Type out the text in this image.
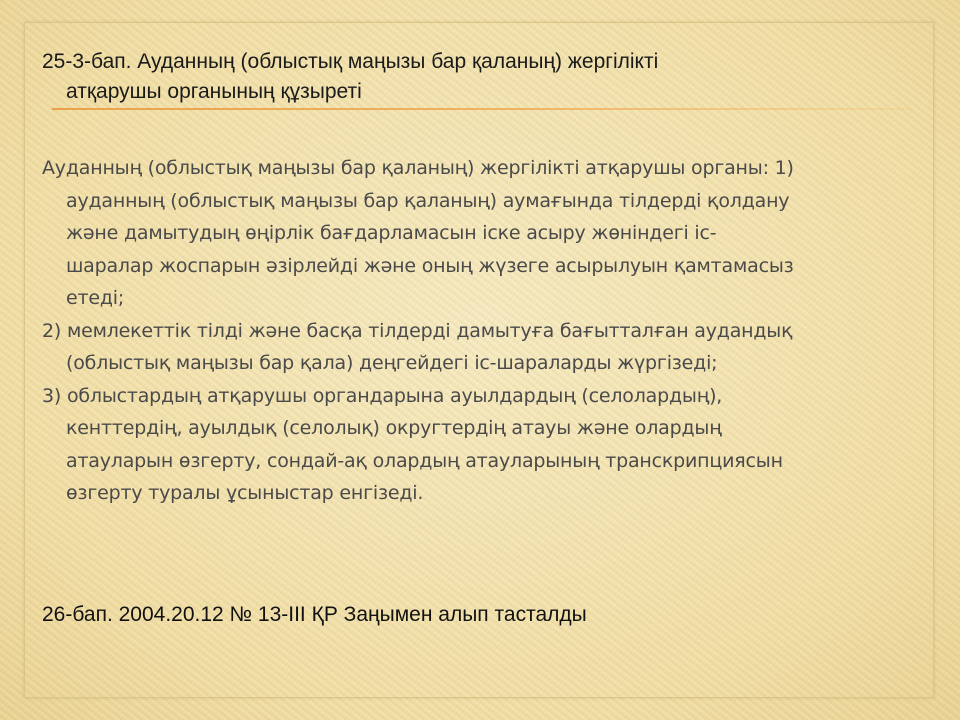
25-3-бап. Ауданның (облыстық маңызы бар қаланың) жергілікті
атқарушы органының құзыреті

Ауданның (облыстық маңызы бар қаланың) жергілікті атқарушы органы: 1)
ауданның (облыстық маңызы бар қаланың) аумағында тілдерді қолдану
және дамытудың өңірлік бағдарламасын іске асыру жөніндегі іс-
шаралар жоспарын әзірлейді және оның жүзеге асырылуын қамтамасыз
етеді;

2) мемлекеттік тілді және басқа тілдерді дамытуға бағытталған аудандық
(облыстық маңызы бар қала) деңгейдегі іс-шараларды жүргізеді;

3) облыстардың атқарушы органдарына ауылдардың (селолардың),
кенттердің, ауылдық (селолық) округтердің атауы және олардың
атауларын өзгерту, сондай-ақ олардың атауларының транскрипциясын
өзгерту туралы ұсыныстар енгізеді.

26-бап. 2004.20.12 № 13-III ҚР Заңымен алып тасталды
